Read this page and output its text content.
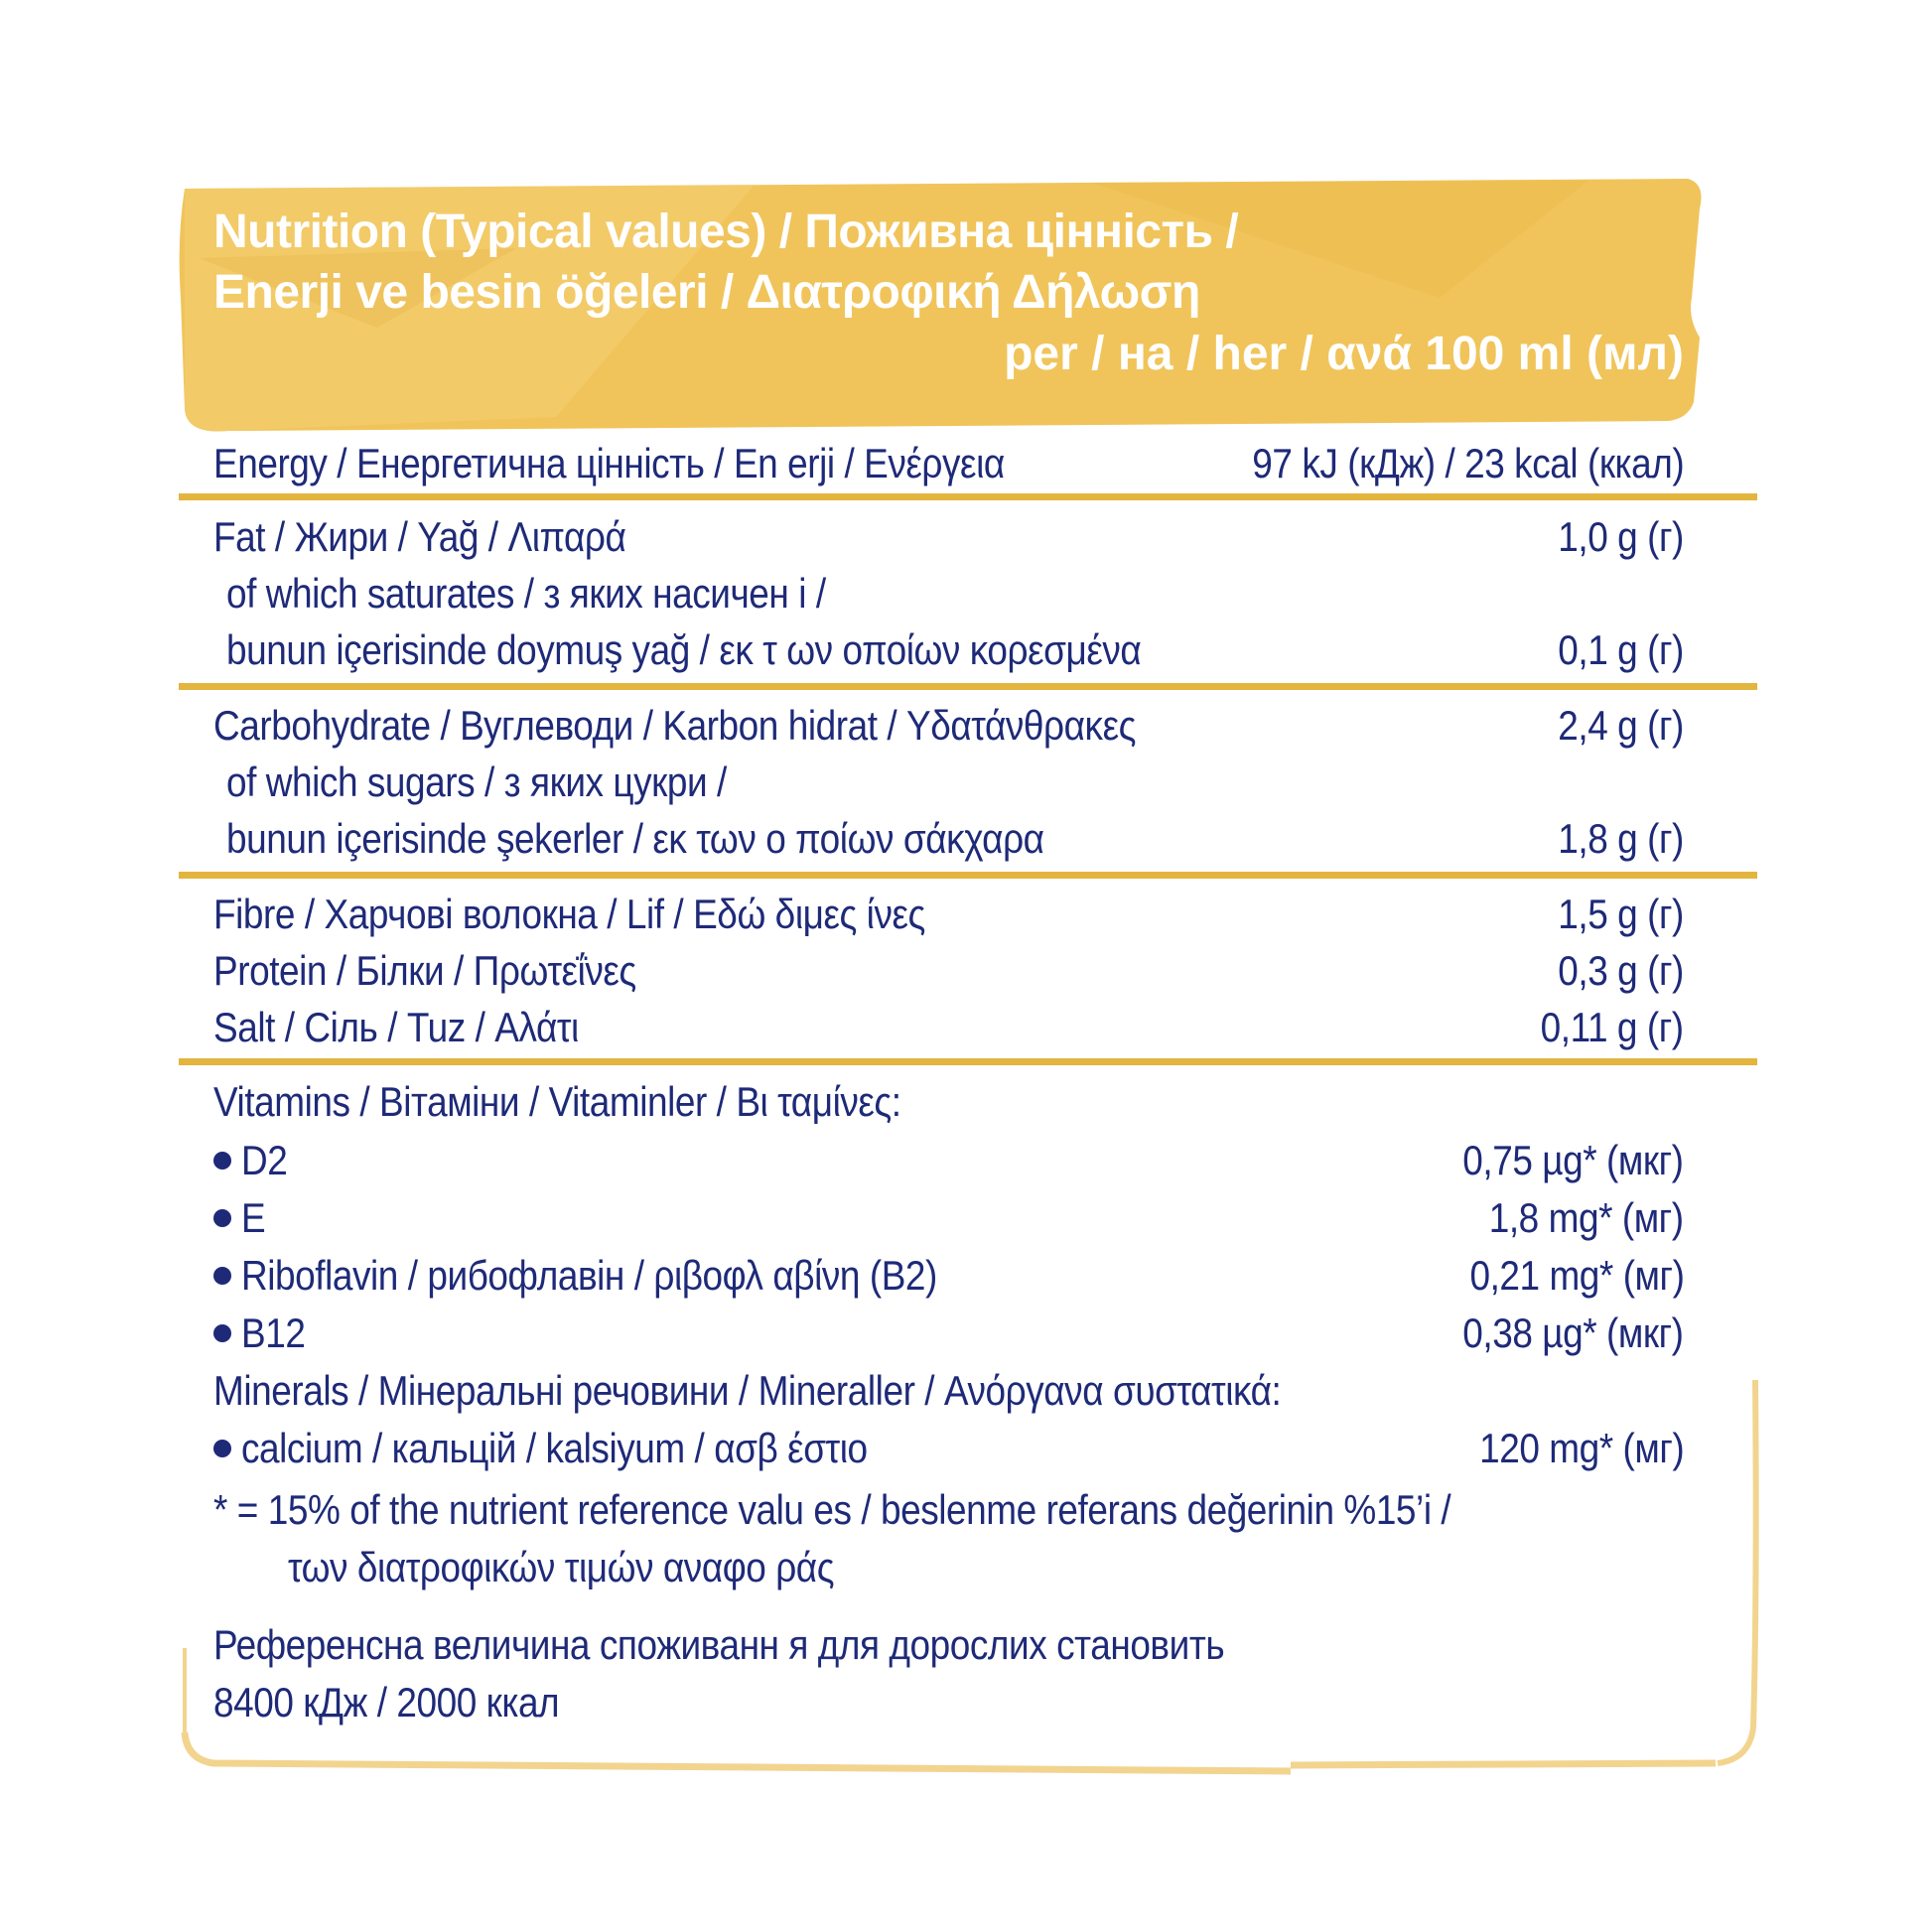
Nutrition (Typical values) / Поживна цінність /
Enerji ve besin öğeleri / Διατροφική Δήλωση
per / на / her / ανά 100 ml (мл)
Energy / Енергетична цінність / En erji / Ενέργεια	97 kJ (кДж) / 23 kcal (ккал)
Fat / Жири / Yağ / Λιπαρά	1,0 g (г)
of which saturates / з яких насичен і /
bunun içerisinde doymuş yağ / εκ τ ων οποίων κορεσμένα	0,1 g (г)
Carbohydrate / Вуглеводи / Karbon hidrat / Υδατάνθρακες	2,4 g (г)
of which sugars / з яких цукри /
bunun içerisinde şekerler / εκ των ο ποίων σάκχαρα	1,8 g (г)
Fibre / Харчові волокна / Lif / Εδώ διμες ίνες	1,5 g (г)
Protein / Білки / Πρωτεΐνες	0,3 g (г)
Salt / Сіль / Tuz / Αλάτι	0,11 g (г)
Vitamins / Вітаміни / Vitaminler / Βι ταμίνες:
D2	0,75 µg* (мкг)
E	1,8 mg* (мг)
Riboflavin / рибофлавін / ριβοφλ αβίνη (B2)	0,21 mg* (мг)
B12	0,38 µg* (мкг)
Minerals / Мінеральні речовини / Mineraller / Ανόργανα συστατικά:
calcium / кальцій / kalsiyum / ασβ έστιο	120 mg* (мг)
* = 15% of the nutrient reference valu es / beslenme referans değerinin %15’i /
των διατροφικών τιμών αναφο ράς
Референсна величина споживанн я для дорослих становить
8400 кДж / 2000 ккал
